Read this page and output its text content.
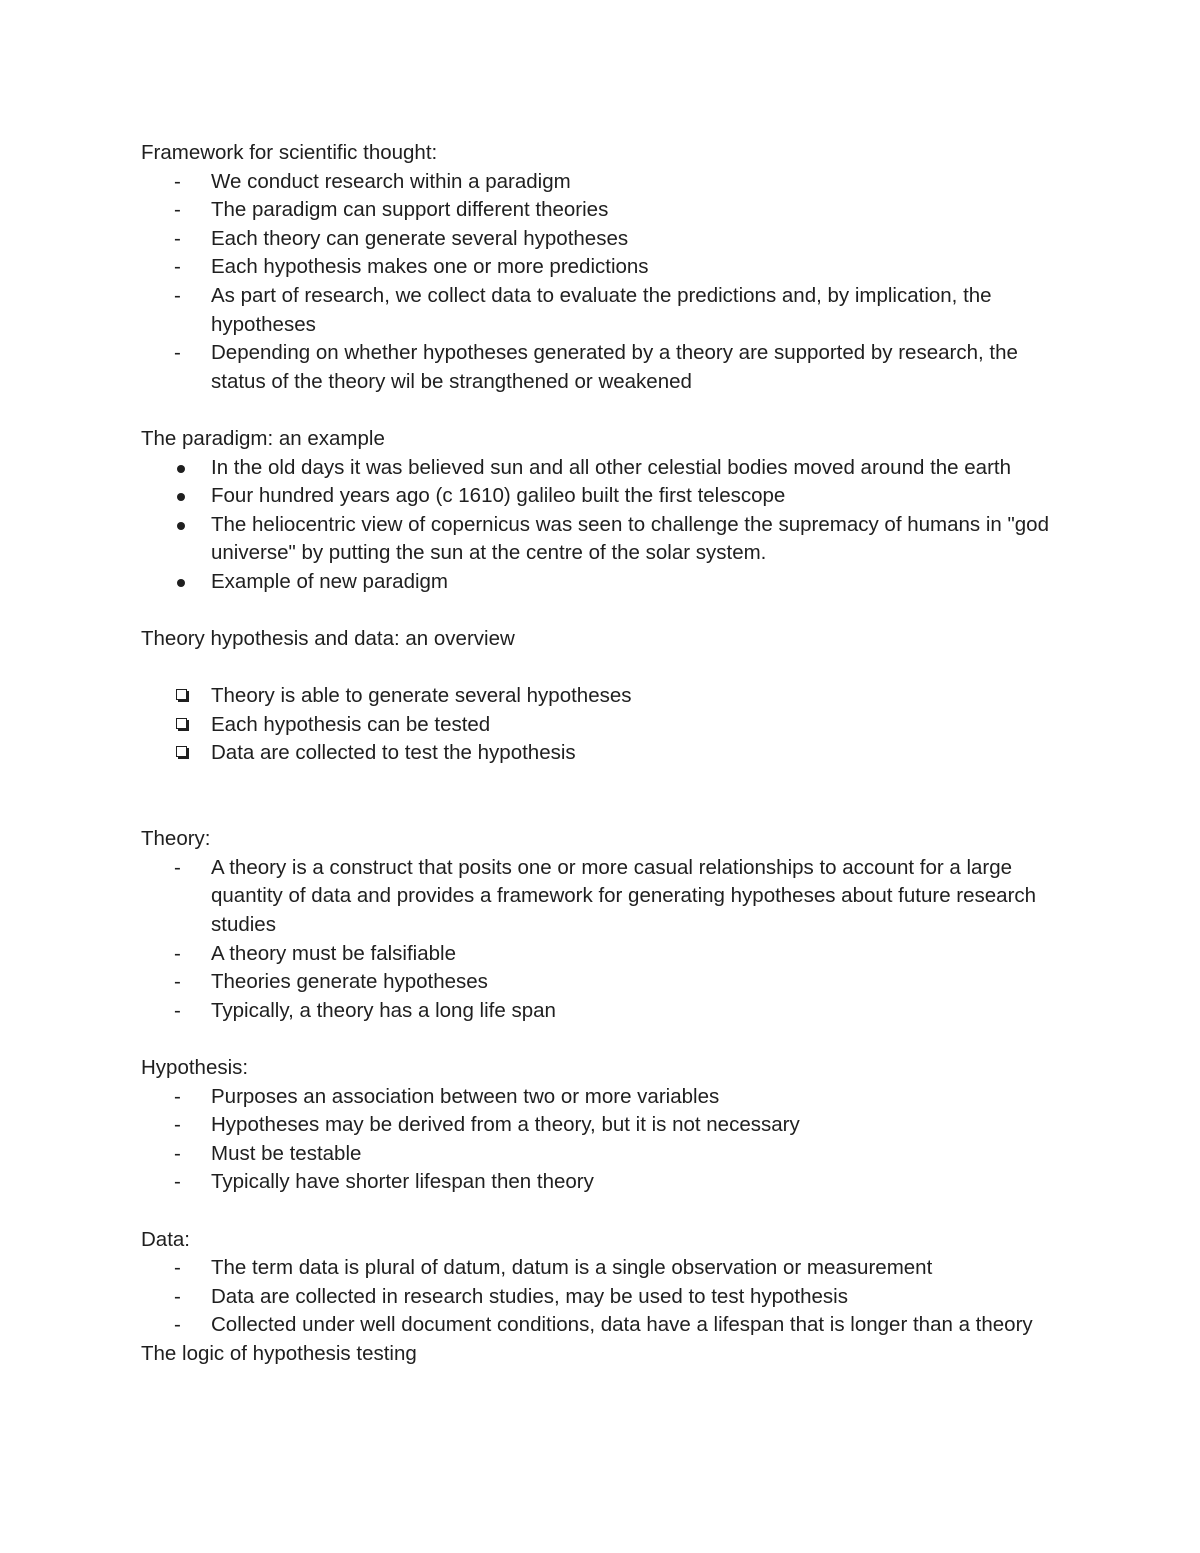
Framework for scientific thought:

-
We conduct research within a paradigm
-
The paradigm can support different theories
-
Each theory can generate several hypotheses
-
Each hypothesis makes one or more predictions
-
As part of research, we collect data to evaluate the predictions and, by implication, the hypotheses
-
Depending on whether hypotheses generated by a theory are supported by research, the status of the theory wil be strangthened or weakened

The paradigm: an example

In the old days it was believed sun and all other celestial bodies moved around the earth
Four hundred years ago (c 1610) galileo built the first telescope
The heliocentric view of copernicus was seen to challenge the supremacy of humans in "god universe" by putting the sun at the centre of the solar system.
Example of new paradigm

Theory hypothesis and data: an overview

Theory is able to generate several hypotheses
Each hypothesis can be tested
Data are collected to test the hypothesis

Theory:

-
A theory is a construct that posits one or more casual relationships to account for a large quantity of data and provides a framework for generating hypotheses about future research studies
-
A theory must be falsifiable
-
Theories generate hypotheses
-
Typically, a theory has a long life span

Hypothesis:

-
Purposes an association between two or more variables
-
Hypotheses may be derived from a theory, but it is not necessary
-
Must be testable
-
Typically have shorter lifespan then theory

Data:

-
The term data is plural of datum, datum is a single observation or measurement
-
Data are collected in research studies, may be used to test hypothesis
-
Collected under well document conditions, data have a lifespan that is longer than a theory

The logic of hypothesis testing
